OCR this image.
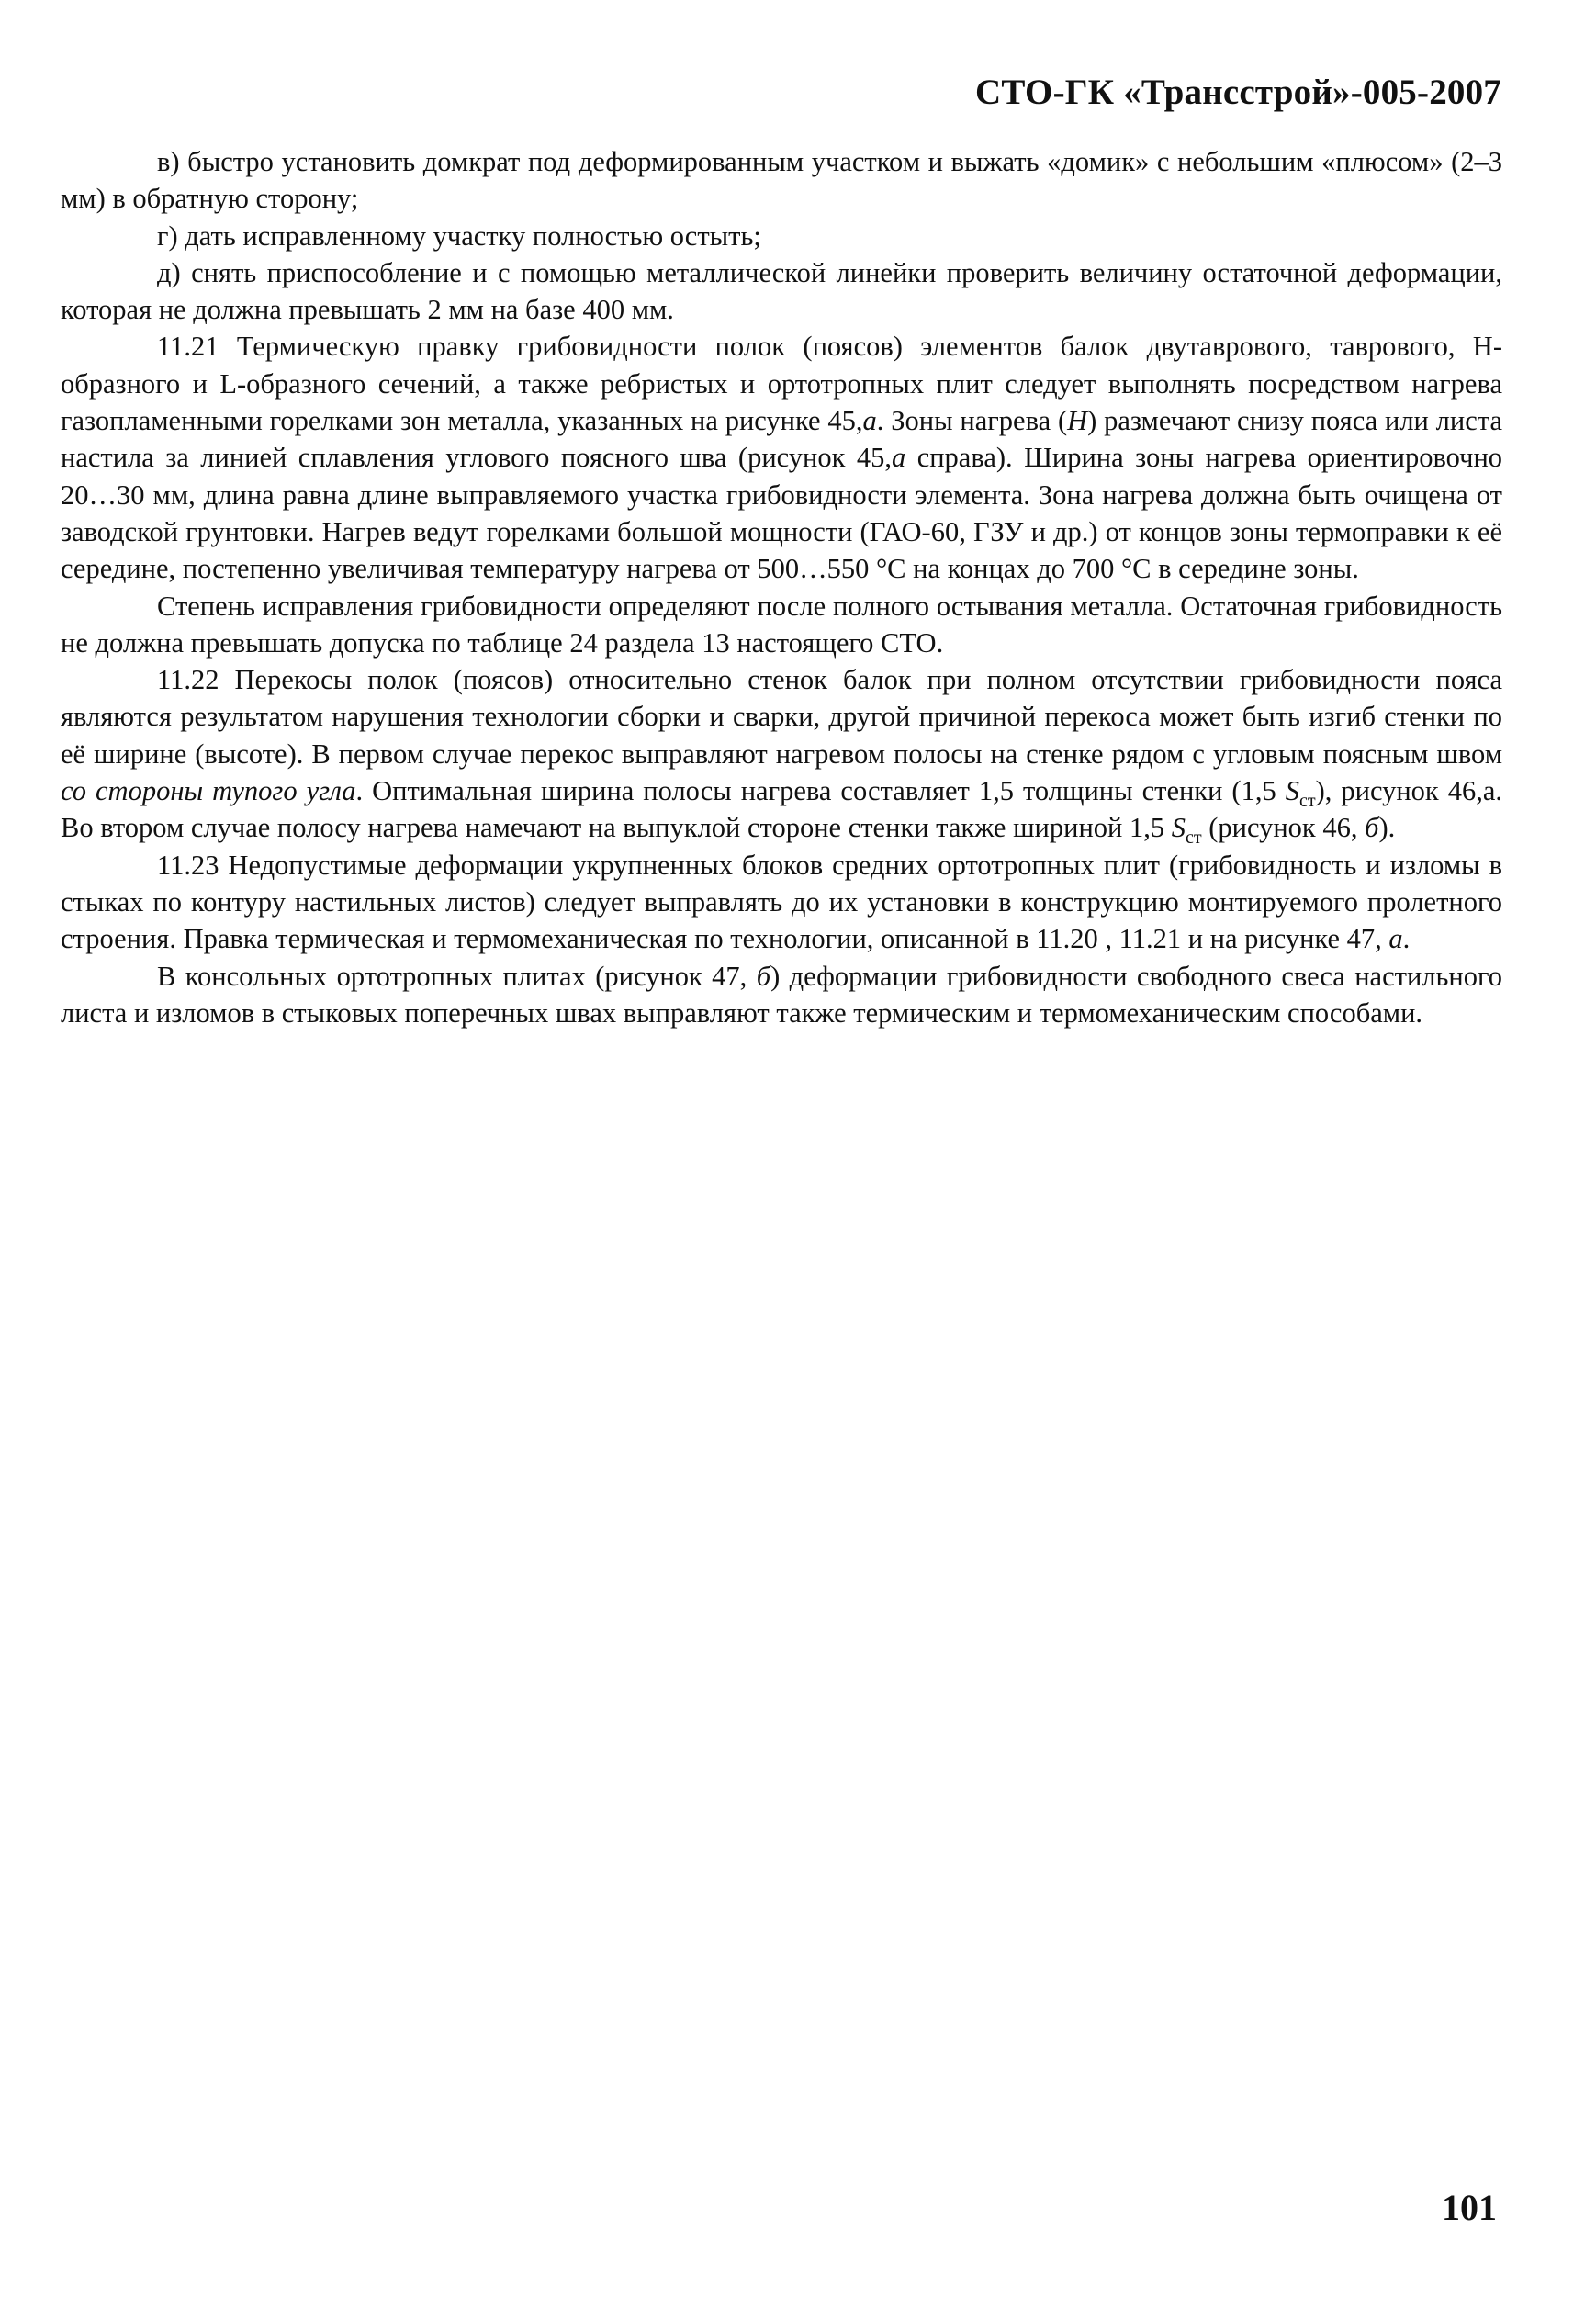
СТО-ГК «Трансстрой»-005-2007

в) быстро установить домкрат под деформированным участком и выжать «домик» с небольшим «плюсом» (2–3 мм) в обратную сторону;

г) дать исправленному участку полностью остыть;

д) снять приспособление и с помощью металлической линейки проверить величину остаточной деформации, которая не должна превышать 2 мм на базе 400 мм.

11.21 Термическую правку грибовидности полок (поясов) элементов балок двутаврового, таврового, H-образного и L-образного сечений, а также ребристых и ортотропных плит следует выполнять посредством нагрева газопламенными горелками зон металла, указанных на рисунке 45,а. Зоны нагрева (Н) размечают снизу пояса или листа настила за линией сплавления углового поясного шва (рисунок 45,а справа). Ширина зоны нагрева ориентировочно 20…30 мм, длина равна длине выправляемого участка грибовидности элемента. Зона нагрева должна быть очищена от заводской грунтовки. Нагрев ведут горелками большой мощности (ГАО-60, ГЗУ и др.) от концов зоны термоправки к её середине, постепенно увеличивая температуру нагрева от 500…550 °С на концах до 700 °С в середине зоны.

Степень исправления грибовидности определяют после полного остывания металла. Остаточная грибовидность не должна превышать допуска по таблице 24 раздела 13 настоящего СТО.

11.22 Перекосы полок (поясов) относительно стенок балок при полном отсутствии грибовидности пояса являются результатом нарушения технологии сборки и сварки, другой причиной перекоса может быть изгиб стенки по её ширине (высоте). В первом случае перекос выправляют нагревом полосы на стенке рядом с угловым поясным швом со стороны тупого угла. Оптимальная ширина полосы нагрева составляет 1,5 толщины стенки (1,5 $S_{ст}$), рисунок 46,а. Во втором случае полосу нагрева намечают на выпуклой стороне стенки также шириной 1,5 $S_{ст}$ (рисунок 46, б).

11.23 Недопустимые деформации укрупненных блоков средних ортотропных плит (грибовидность и изломы в стыках по контуру настильных листов) следует выправлять до их установки в конструкцию монтируемого пролетного строения. Правка термическая и термомеханическая по технологии, описанной в 11.20 , 11.21 и на рисунке 47, а.

В консольных ортотропных плитах (рисунок 47, б) деформации грибовидности свободного свеса настильного листа и изломов в стыковых поперечных швах выправляют также термическим и термомеханическим способами.

101
